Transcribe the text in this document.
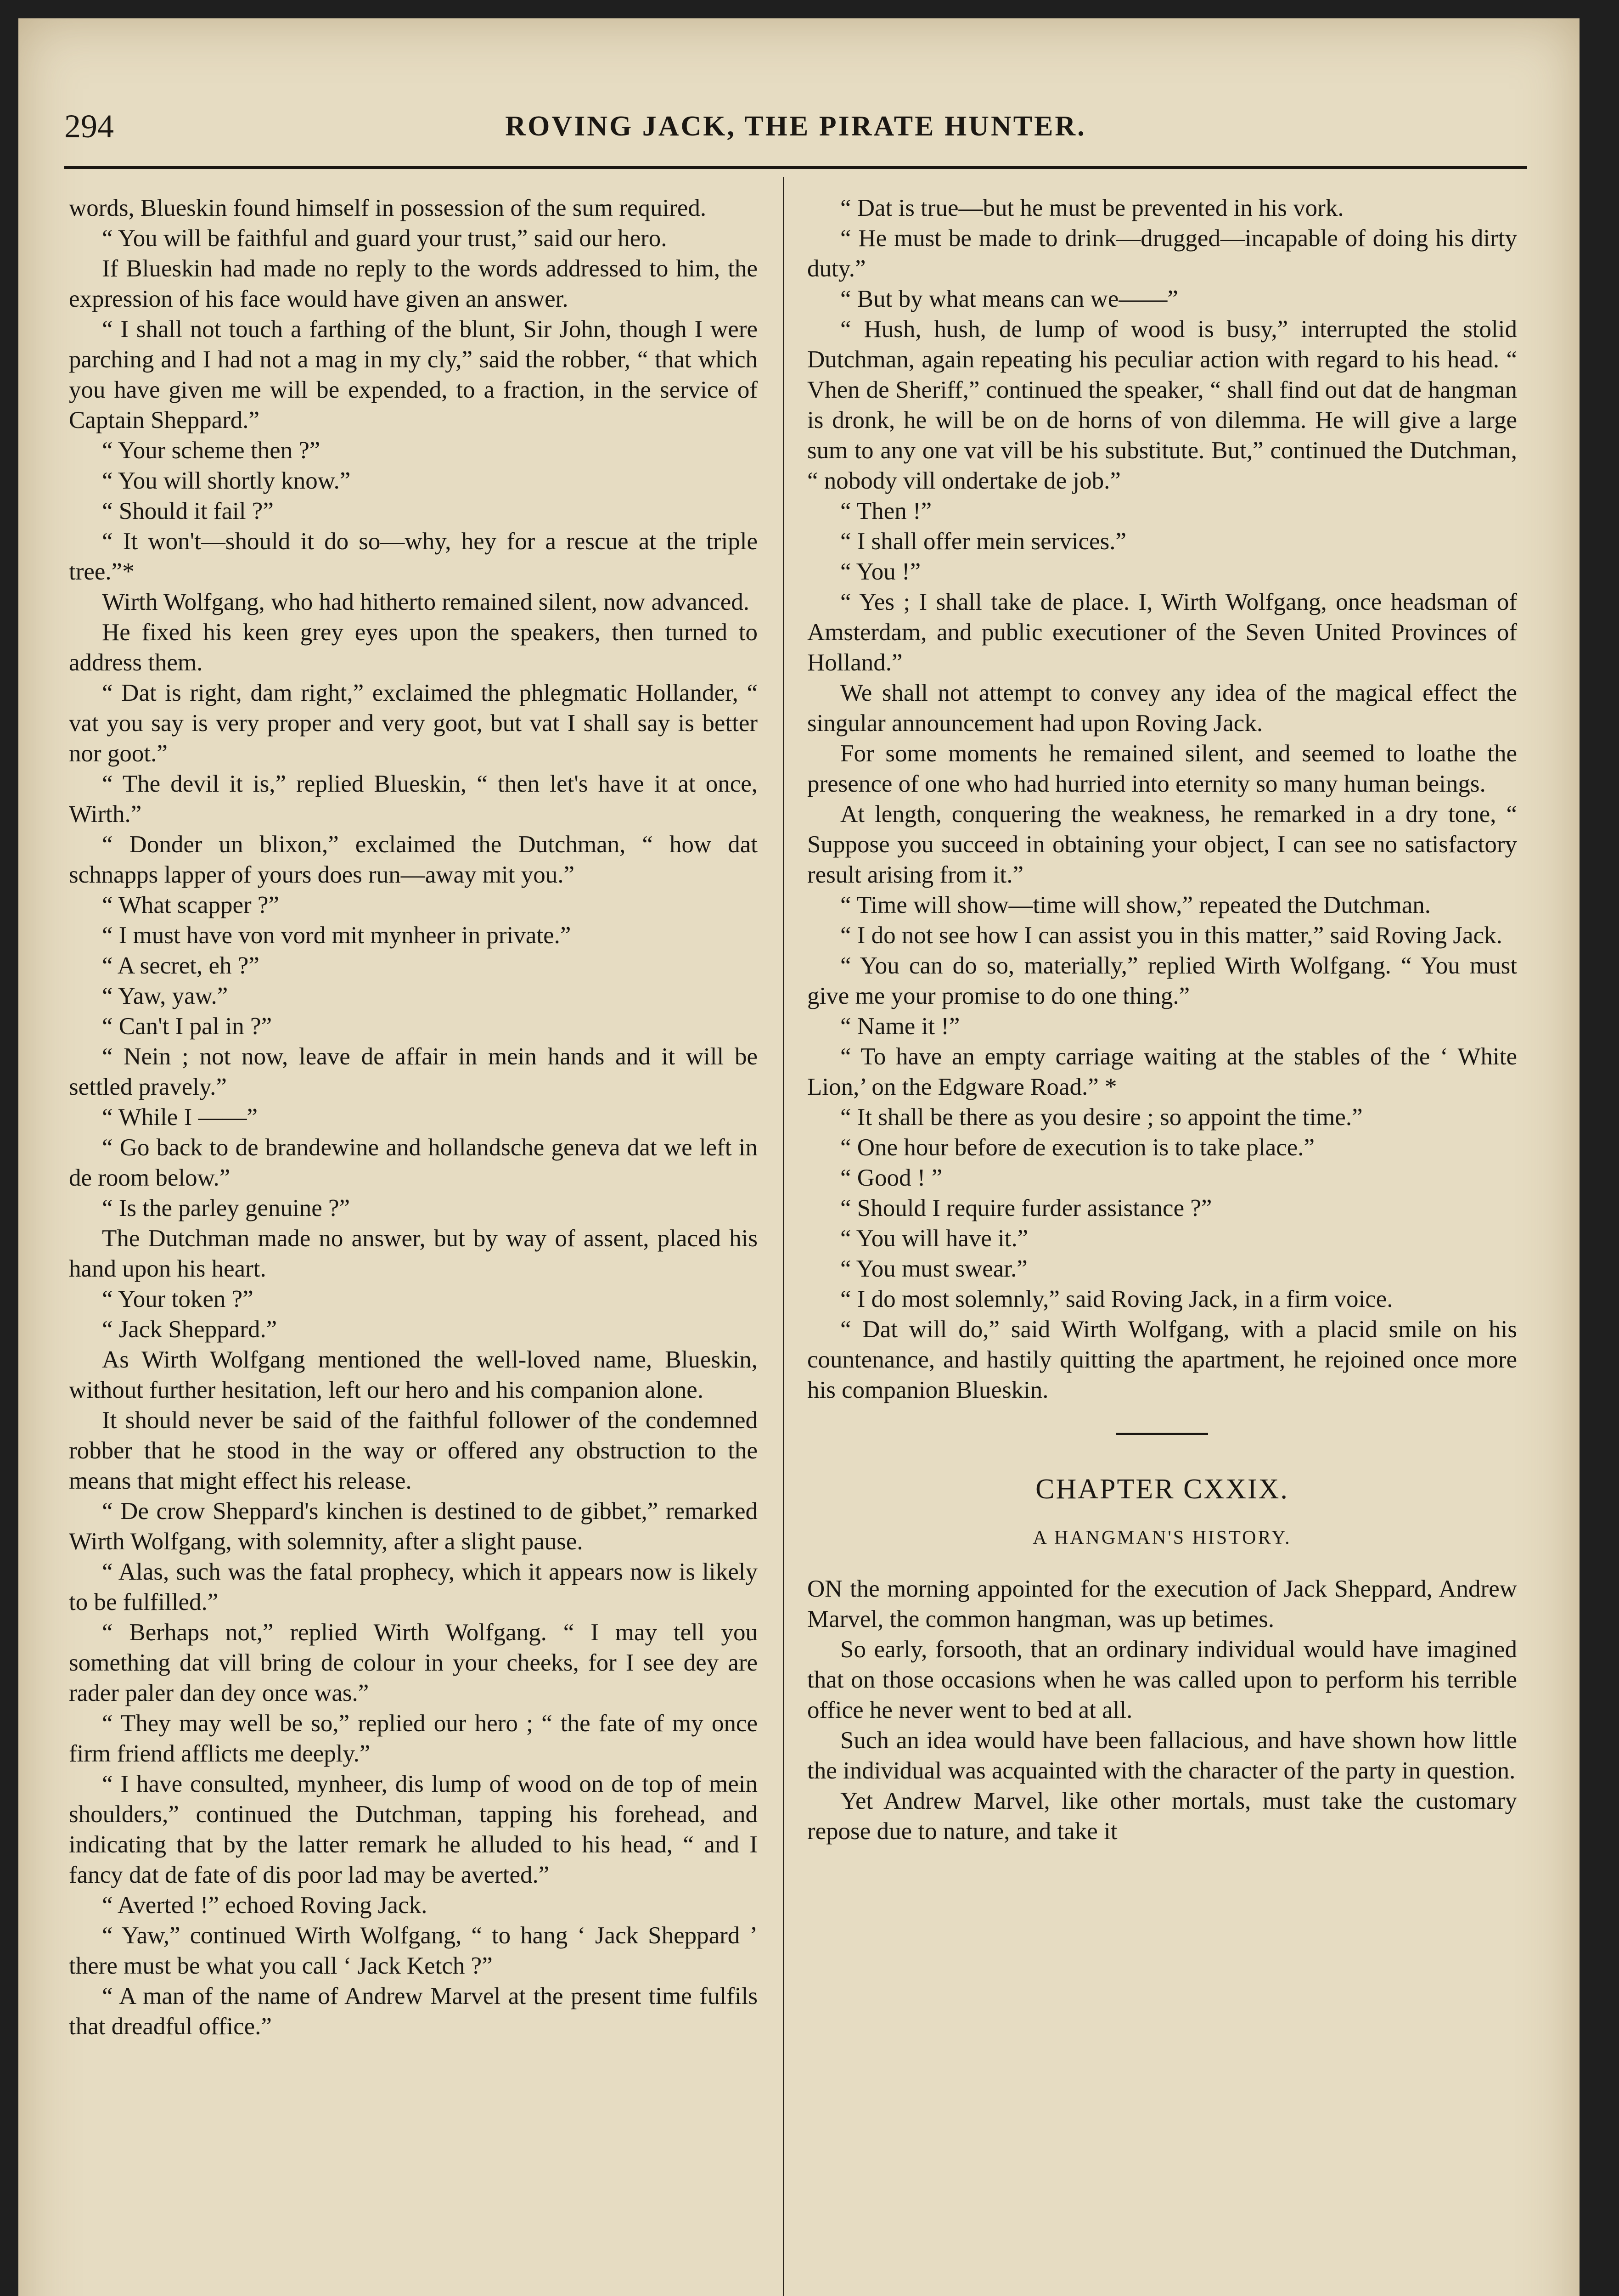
294	ROVING JACK, THE PIRATE HUNTER.

words, Blueskin found himself in possession of the sum required.

“ You will be faithful and guard your trust,” said our hero.

If Blueskin had made no reply to the words addressed to him, the expression of his face would have given an answer.

“ I shall not touch a farthing of the blunt, Sir John, though I were parching and I had not a mag in my cly,” said the robber, “ that which you have given me will be expended, to a fraction, in the service of Captain Sheppard.”

“ Your scheme then ?”

“ You will shortly know.”

“ Should it fail ?”

“ It won't—should it do so—why, hey for a rescue at the triple tree.”*

Wirth Wolfgang, who had hitherto remained silent, now advanced.

He fixed his keen grey eyes upon the speakers, then turned to address them.

“ Dat is right, dam right,” exclaimed the phlegmatic Hollander, “ vat you say is very proper and very goot, but vat I shall say is better nor goot.”

“ The devil it is,” replied Blueskin, “ then let's have it at once, Wirth.”

“ Donder un blixon,” exclaimed the Dutchman, “ how dat schnapps lapper of yours does run—away mit you.”

“ What scapper ?”

“ I must have von vord mit mynheer in private.”

“ A secret, eh ?”

“ Yaw, yaw.”

“ Can't I pal in ?”

“ Nein ; not now, leave de affair in mein hands and it will be settled pravely.”

“ While I ——”

“ Go back to de brandewine and hollandsche geneva dat we left in de room below.”

“ Is the parley genuine ?”

The Dutchman made no answer, but by way of assent, placed his hand upon his heart.

“ Your token ?”

“ Jack Sheppard.”

As Wirth Wolfgang mentioned the well-loved name, Blueskin, without further hesitation, left our hero and his companion alone.

It should never be said of the faithful follower of the condemned robber that he stood in the way or offered any obstruction to the means that might effect his release.

“ De crow Sheppard's kinchen is destined to de gibbet,” remarked Wirth Wolfgang, with solemnity, after a slight pause.

“ Alas, such was the fatal prophecy, which it appears now is likely to be fulfilled.”

“ Berhaps not,” replied Wirth Wolfgang. “ I may tell you something dat vill bring de colour in your cheeks, for I see dey are rader paler dan dey once was.”

“ They may well be so,” replied our hero ; “ the fate of my once firm friend afflicts me deeply.”

“ I have consulted, mynheer, dis lump of wood on de top of mein shoulders,” continued the Dutchman, tapping his forehead, and indicating that by the latter remark he alluded to his head, “ and I fancy dat de fate of dis poor lad may be averted.”

“ Averted !” echoed Roving Jack.

“ Yaw,” continued Wirth Wolfgang, “ to hang ‘ Jack Sheppard ’ there must be what you call ‘ Jack Ketch ?”

“ A man of the name of Andrew Marvel at the present time fulfils that dreadful office.”

“ Dat is true—but he must be prevented in his vork.

“ He must be made to drink—drugged—incapable of doing his dirty duty.”

“ But by what means can we——”

“ Hush, hush, de lump of wood is busy,” interrupted the stolid Dutchman, again repeating his peculiar action with regard to his head. “ Vhen de Sheriff,” continued the speaker, “ shall find out dat de hangman is dronk, he will be on de horns of von dilemma. He will give a large sum to any one vat vill be his substitute. But,” continued the Dutchman, “ nobody vill ondertake de job.”

“ Then !”

“ I shall offer mein services.”

“ You !”

“ Yes ; I shall take de place. I, Wirth Wolfgang, once headsman of Amsterdam, and public executioner of the Seven United Provinces of Holland.”

We shall not attempt to convey any idea of the magical effect the singular announcement had upon Roving Jack.

For some moments he remained silent, and seemed to loathe the presence of one who had hurried into eternity so many human beings.

At length, conquering the weakness, he remarked in a dry tone, “ Suppose you succeed in obtaining your object, I can see no satisfactory result arising from it.”

“ Time will show—time will show,” repeated the Dutchman.

“ I do not see how I can assist you in this matter,” said Roving Jack.

“ You can do so, materially,” replied Wirth Wolfgang. “ You must give me your promise to do one thing.”

“ Name it !”

“ To have an empty carriage waiting at the stables of the ‘ White Lion,’ on the Edgware Road.” *

“ It shall be there as you desire ; so appoint the time.”

“ One hour before de execution is to take place.”

“ Good ! ”

“ Should I require furder assistance ?”

“ You will have it.”

“ You must swear.”

“ I do most solemnly,” said Roving Jack, in a firm voice.

“ Dat will do,” said Wirth Wolfgang, with a placid smile on his countenance, and hastily quitting the apartment, he rejoined once more his companion Blueskin.

CHAPTER CXXIX.
A HANGMAN'S HISTORY.

ON the morning appointed for the execution of Jack Sheppard, Andrew Marvel, the common hangman, was up betimes.

So early, forsooth, that an ordinary individual would have imagined that on those occasions when he was called upon to perform his terrible office he never went to bed at all.

Such an idea would have been fallacious, and have shown how little the individual was acquainted with the character of the party in question.

Yet Andrew Marvel, like other mortals, must take the customary repose due to nature, and take it
